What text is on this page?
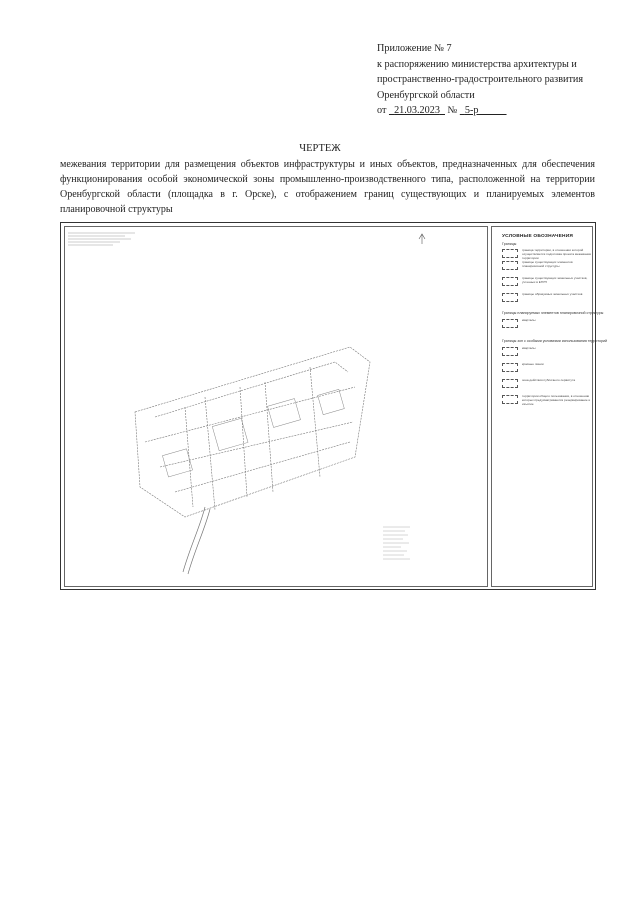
Приложение № 7
к распоряжению министерства архитектуры и
пространственно-градостроительного развития
Оренбургской области
от 21.03.2023 № 5-р
ЧЕРТЕЖ
межевания территории для размещения объектов инфраструктуры и иных объектов, предназначенных для обеспечения
функционирования особой экономической зоны промышленно-производственного типа, расположенной на территории
Оренбургской области (площадка в г. Орске), с отображением границ существующих и планируемых элементов
планировочной структуры
УСЛОВНЫЕ ОБОЗНАЧЕНИЯ
Границы
граница территории, в отношении которой осуществляется подготовка проекта межевания территории
границы существующих элементов планировочной структуры
границы существующих земельных участков, учтенных в ЕГРН
границы образуемых земельных участков
Границы планируемых элементов планировочной структуры
кварталы
Границы зон с особыми условиями использования территорий
кварталы
красные линии
зона действия публичного сервитута
территории общего пользования, в отношении которых предусматриваются резервирование и изъятие
